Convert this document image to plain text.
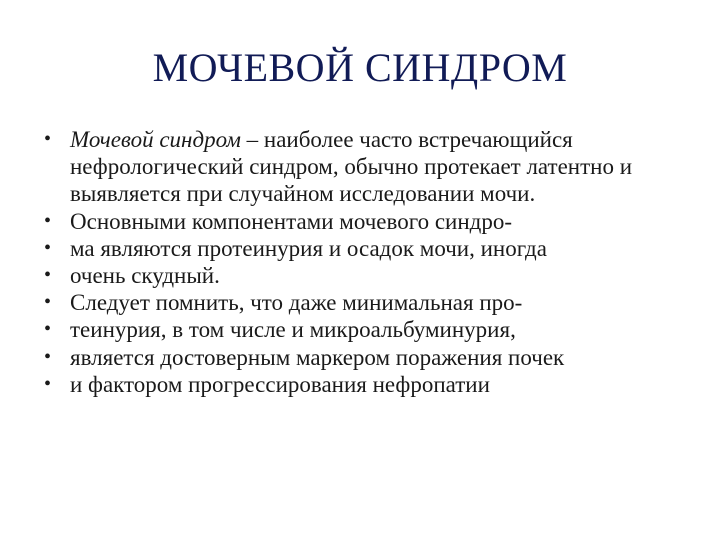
МОЧЕВОЙ СИНДРОМ
• Мочевой синдром – наиболее часто встречающийся нефрологический синдром, обычно протекает латентно и выявляется при случайном исследовании мочи.
• Основными компонентами мочевого синдро-
• ма являются протеинурия и осадок мочи, иногда
• очень скудный.
• Следует помнить, что даже минимальная про-
• теинурия, в том числе и микроальбуминурия,
• является достоверным маркером поражения почек
• и фактором прогрессирования нефропатии
